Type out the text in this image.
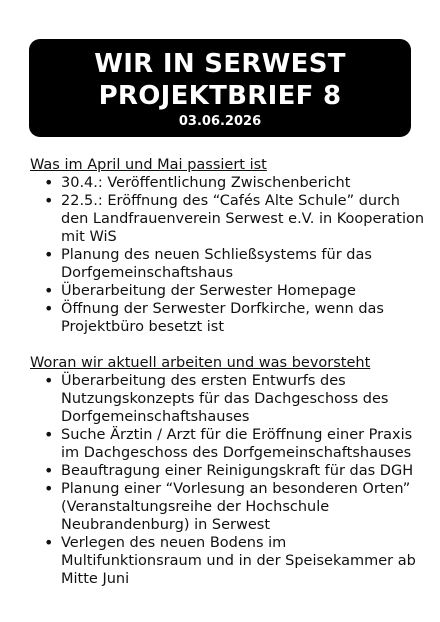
WIR IN SERWEST
PROJEKTBRIEF 8
03.06.2026
Was im April und Mai passiert ist
• 30.4.: Veröffentlichung Zwischenbericht
• 22.5.: Eröffnung des “Cafés Alte Schule” durch den Landfrauenverein Serwest e.V. in Kooperation mit WiS
• Planung des neuen Schließsystems für das Dorfgemeinschaftshaus
• Überarbeitung der Serwester Homepage
• Öffnung der Serwester Dorfkirche, wenn das Projektbüro besetzt ist
Woran wir aktuell arbeiten und was bevorsteht
• Überarbeitung des ersten Entwurfs des Nutzungskonzepts für das Dachgeschoss des Dorfgemeinschaftshauses
• Suche Ärztin / Arzt für die Eröffnung einer Praxis im Dachgeschoss des Dorfgemeinschaftshauses
• Beauftragung einer Reinigungskraft für das DGH
• Planung einer “Vorlesung an besonderen Orten” (Veranstaltungsreihe der Hochschule Neubrandenburg) in Serwest
• Verlegen des neuen Bodens im Multifunktionsraum und in der Speisekammer ab Mitte Juni
